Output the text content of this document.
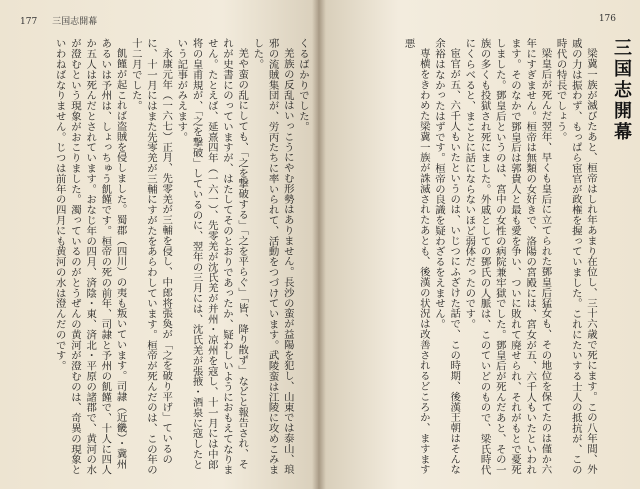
177 三国志開幕

くるばかりでした。

羌族の反乱はいっこうにやむ形勢はありません。長沙の蛮が益陽を犯し、山東では泰山、琅邪の流賊集団が、労丙たちに率いられて、活動をつづけています。武陵蛮は江陵に攻めこみました。

羌や蛮の乱にしても、「之を撃破する」「之を平らぐ」「皆、降り散ず」などと報告され、それが史書にのっていますが、はたしてそのとおりであったか、疑わしいようにおもえてなりません。たとえば、延熹四年（一六一）、先零羌が沈氏羌が并州・凉州を寇し、十一月には中郎将の皇甫規が、「之を撃破」しているのに、翌年の三月には、沈氏羌が張掖・酒泉に寇したという記事がみえます。

永康元年（一六七）正月、先零羌が三輔を侵し、中郎将張奐が「之を破り平げ」ているのに、十一月にはまた先零羌が三輔にすがたをあらわしています。桓帝が死んだのは、この年の十二月でした。

飢饉が起これば盗賊を侵しました。蜀郡（四川）の夷も叛いています。司隷（近畿）・冀州あるいは予州は、しょっちゅう飢饉です。桓帝の死の前年、司隷と予州の飢饉で、十人に四人か五人は死んだとされています。おなじ年の四月、済陰・東、済北・平原の諸郡で、黄河の水が澄むという現象がおこりました。濁っているのがとうぜんの黄河が澄むのは、奇異の現象といわねばなりません。じつは前年の四月にも黄河の水は澄んだのです。

176
三国志開幕

梁冀一族が滅びたあと、桓帝はしれ年あまり在位し、三十六歳で死にます。この八年間、外戚の力は振わず、もっぱら宦官が政権を握っていました。これにたいする士人の抵抗が、この時代の特長でしょう。

梁皇后が死んだ翌年、早くも皇后に立てられた鄧皇后猛女も、その地位を保てたのは僅か六年にすぎません。桓帝は無類の女好きで、洛陽の宮殿には、宮女が五、六千人もいたといわれます。そのなかで鄧皇后は郭貴人と最も愛を争い、ついに敗れて廃せられ、それがもとで憂死しました。鄧皇后というのは、宮中の女性の病院兼牢獄でした。鄧皇后が死んだあと、その一族の多くも投獄され死にました。外戚としての鄧氏の人脈は、このていどのもので、梁氏時代にくらべると、まことに話にならないほど弱体だったのです。

宦官が五、六千人もいたというのは、いじつにふざけた話で、この時期、後漢王朝はそんな余裕はなかったはずです。桓帝の良識を疑わざるをえません。

専横をきわめた梁冀一族が誅滅されたあとも、後漢の状況は改善されるどころか、ますます悪
